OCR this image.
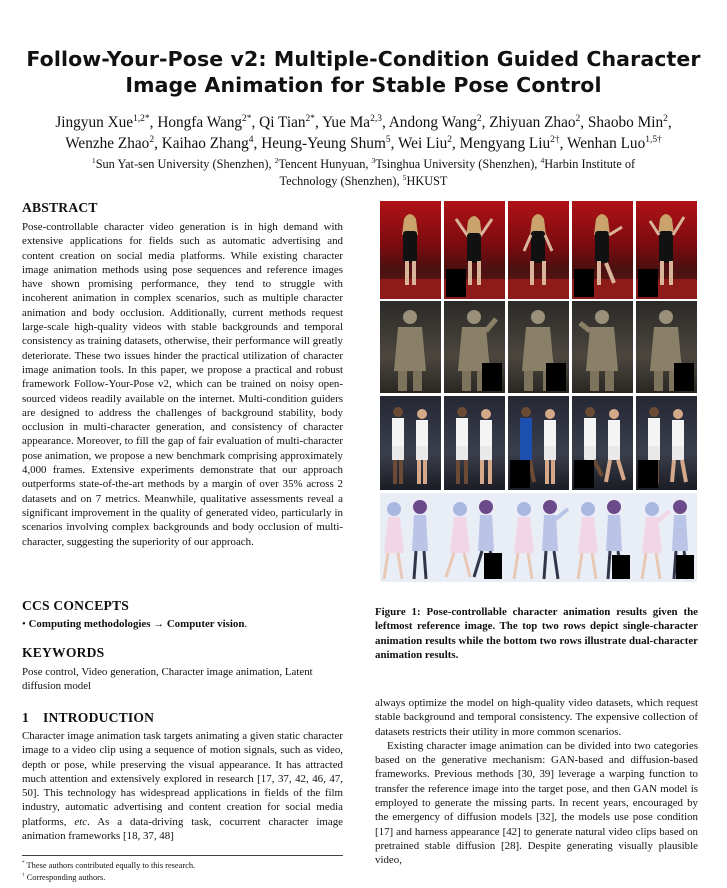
Follow-Your-Pose v2: Multiple-Condition Guided Character
Image Animation for Stable Pose Control
Jingyun Xue$^{1,2*}$, Hongfa Wang$^{2*}$, Qi Tian$^{2*}$, Yue Ma$^{2,3}$, Andong Wang$^2$, Zhiyuan Zhao$^2$, Shaobo Min$^2$,
Wenzhe Zhao$^2$, Kaihao Zhang$^4$, Heung-Yeung Shum$^5$, Wei Liu$^2$, Mengyang Liu$^{2\dagger}$, Wenhan Luo$^{1,5\dagger}$
$^1$Sun Yat-sen University (Shenzhen), $^2$Tencent Hunyuan, $^3$Tsinghua University (Shenzhen), $^4$Harbin Institute of
Technology (Shenzhen), $^5$HKUST
ABSTRACT
Pose-controllable character video generation is in high demand with extensive applications for fields such as automatic advertising and content creation on social media platforms. While existing character image animation methods using pose sequences and reference images have shown promising performance, they tend to struggle with incoherent animation in complex scenarios, such as multiple character animation and body occlusion. Additionally, current methods request large-scale high-quality videos with stable backgrounds and temporal consistency as training datasets, otherwise, their performance will greatly deteriorate. These two issues hinder the practical utilization of character image animation tools. In this paper, we propose a practical and robust framework Follow-Your-Pose v2, which can be trained on noisy open-sourced videos readily available on the internet. Multi-condition guiders are designed to address the challenges of background stability, body occlusion in multi-character generation, and consistency of character appearance. Moreover, to fill the gap of fair evaluation of multi-character pose animation, we propose a new benchmark comprising approximately 4,000 frames. Extensive experiments demonstrate that our approach outperforms state-of-the-art methods by a margin of over 35% across 2 datasets and on 7 metrics. Meanwhile, qualitative assessments reveal a significant improvement in the quality of generated video, particularly in scenarios involving complex backgrounds and body occlusion of multi-character, suggesting the superiority of our approach.
CCS CONCEPTS
• Computing methodologies → Computer vision.
KEYWORDS
Pose control, Video generation, Character image animation, Latent diffusion model
1 INTRODUCTION
Character image animation task targets animating a given static character image to a video clip using a sequence of motion signals, such as video, depth or pose, while preserving the visual appearance. It has attracted much attention and extensively explored in research [17, 37, 42, 46, 47, 50]. This technology has widespread applications in fields of the film industry, automatic advertising and content creation for social media platforms, etc. As a data-driving task, cocurrent character image animation frameworks [18, 37, 48]
* These authors contributed equally to this research.
† Corresponding authors.
Figure 1: Pose-controllable character animation results given the leftmost reference image. The top two rows depict single-character animation results while the bottom two rows illustrate dual-character animation results.

always optimize the model on high-quality video datasets, which request stable background and temporal consistency. The expensive collection of datasets restricts their utility in more common scenarios.

Existing character image animation can be divided into two categories based on the generative mechanism: GAN-based and diffusion-based frameworks. Previous methods [30, 39] leverage a warping function to transfer the reference image into the target pose, and then GAN model is employed to generate the missing parts. In recent years, encouraged by the emergency of diffusion models [32], the models use pose condition [17] and harness appearance [42] to generate natural video clips based on pretrained stable diffusion [28]. Despite generating visually plausible video,
